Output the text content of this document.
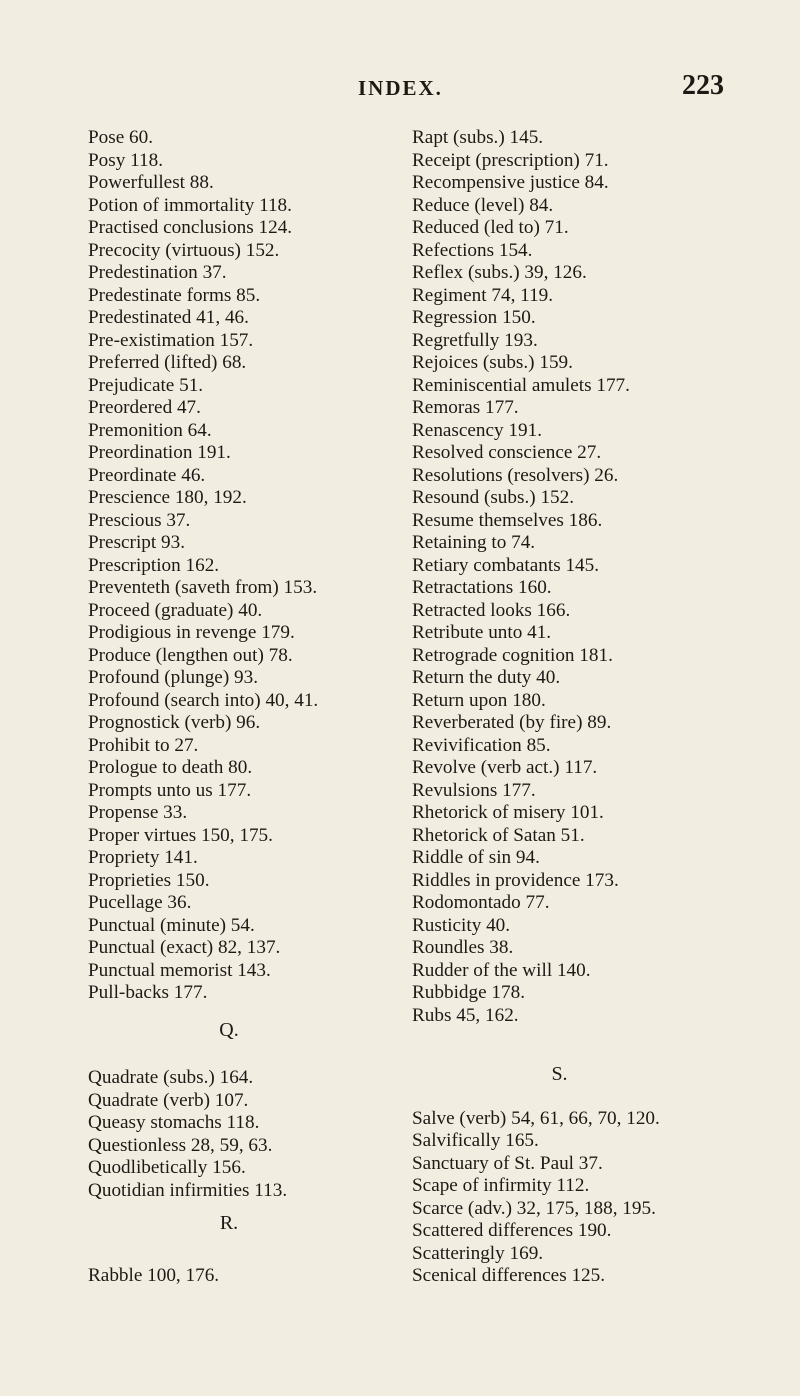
INDEX.	223
Pose 60.
Posy 118.
Powerfullest 88.
Potion of immortality 118.
Practised conclusions 124.
Precocity (virtuous) 152.
Predestination 37.
Predestinate forms 85.
Predestinated 41, 46.
Pre-existimation 157.
Preferred (lifted) 68.
Prejudicate 51.
Preordered 47.
Premonition 64.
Preordination 191.
Preordinate 46.
Prescience 180, 192.
Prescious 37.
Prescript 93.
Prescription 162.
Preventeth (saveth from) 153.
Proceed (graduate) 40.
Prodigious in revenge 179.
Produce (lengthen out) 78.
Profound (plunge) 93.
Profound (search into) 40, 41.
Prognostick (verb) 96.
Prohibit to 27.
Prologue to death 80.
Prompts unto us 177.
Propense 33.
Proper virtues 150, 175.
Propriety 141.
Proprieties 150.
Pucellage 36.
Punctual (minute) 54.
Punctual (exact) 82, 137.
Punctual memorist 143.
Pull-backs 177.
Q.
Quadrate (subs.) 164.
Quadrate (verb) 107.
Queasy stomachs 118.
Questionless 28, 59, 63.
Quodlibetically 156.
Quotidian infirmities 113.
R.
Rabble 100, 176.
Rapt (subs.) 145.
Receipt (prescription) 71.
Recompensive justice 84.
Reduce (level) 84.
Reduced (led to) 71.
Refections 154.
Reflex (subs.) 39, 126.
Regiment 74, 119.
Regression 150.
Regretfully 193.
Rejoices (subs.) 159.
Reminiscential amulets 177.
Remoras 177.
Renascency 191.
Resolved conscience 27.
Resolutions (resolvers) 26.
Resound (subs.) 152.
Resume themselves 186.
Retaining to 74.
Retiary combatants 145.
Retractations 160.
Retracted looks 166.
Retribute unto 41.
Retrograde cognition 181.
Return the duty 40.
Return upon 180.
Reverberated (by fire) 89.
Revivification 85.
Revolve (verb act.) 117.
Revulsions 177.
Rhetorick of misery 101.
Rhetorick of Satan 51.
Riddle of sin 94.
Riddles in providence 173.
Rodomontado 77.
Rusticity 40.
Roundles 38.
Rudder of the will 140.
Rubbidge 178.
Rubs 45, 162.
S.
Salve (verb) 54, 61, 66, 70, 120.
Salvifically 165.
Sanctuary of St. Paul 37.
Scape of infirmity 112.
Scarce (adv.) 32, 175, 188, 195.
Scattered differences 190.
Scatteringly 169.
Scenical differences 125.
